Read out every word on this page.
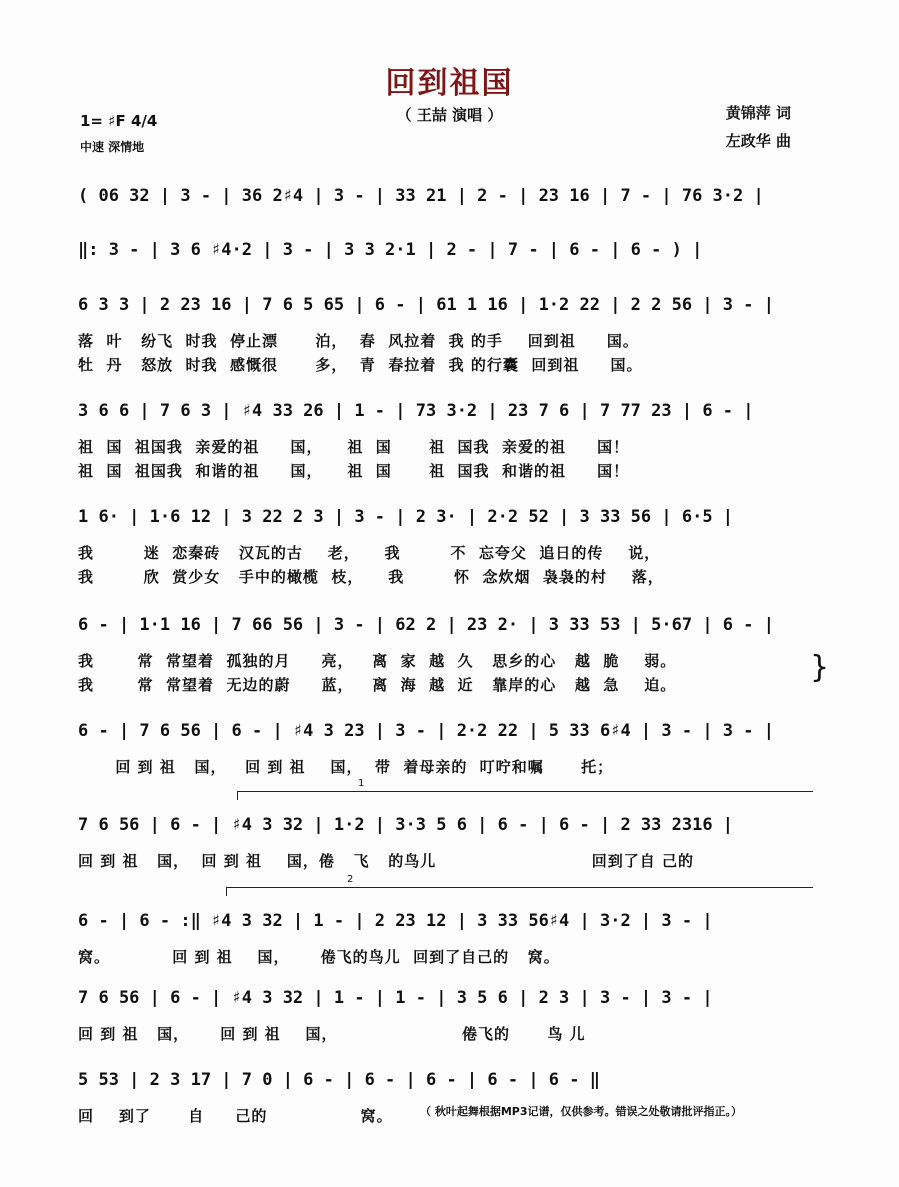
回到祖国
（ 王喆 演唱 ）
1= ♯F 4/4
中速 深情地
黄锦萍 词
左政华 曲
1
2
( 06 32 | 3 - | 36 2♯4 | 3 - | 33 21 | 2 - | 23 16 | 7 - | 76 3·2 |
‖: 3 - | 3 6 ♯4·2 | 3 - | 3 3 2·1 | 2 - | 7 - | 6 - | 6 - ) |
6 3 3 | 2 23 16 | 7 6 5 65 | 6 - | 61 1 16 | 1·2 22 | 2 2 56 | 3 - |
落  叶   纷飞  时我  停止漂      泊，  春  风拉着  我 的手    回到祖     国。
牡  丹   怒放  时我  感慨很      多，  青  春拉着  我 的行囊  回到祖     国。
3 6 6 | 7 6 3 | ♯4 33 26 | 1 - | 73 3·2 | 23 7 6 | 7 77 23 | 6 - |
祖  国  祖国我  亲爱的祖     国，    祖  国      祖  国我  亲爱的祖     国！
祖  国  祖国我  和谐的祖     国，    祖  国      祖  国我  和谐的祖     国！
1 6· | 1·6 12 | 3 22 2 3 | 3 - | 2 3· | 2·2 52 | 3 33 56 | 6·5 |
我        迷  恋秦砖   汉瓦的古    老，    我        不  忘夸父  追日的传    说，
我        欣  赏少女   手中的橄榄  枝，    我        怀  念炊烟  袅袅的村    落，
6 - | 1·1 16 | 7 66 56 | 3 - | 62 2 | 23 2· | 3 33 53 | 5·67 | 6 - |
我       常  常望着  孤独的月     亮，   离  家  越  久   思乡的心   越  脆    弱。
我       常  常望着  无边的蔚     蓝，   离  海  越  近   靠岸的心   越  急    迫。
6 - | 7 6 56 | 6 - | ♯4 3 23 | 3 - | 2·2 22 | 5 33 6♯4 | 3 - | 3 - |
回 到 祖   国，   回 到 祖    国，  带  着母亲的  叮咛和嘱      托；
7 6 56 | 6 - | ♯4 3 32 | 1·2 | 3·3 5 6 | 6 - | 6 - | 2 33 2316 |
回 到 祖   国，  回 到 祖    国，倦   飞   的鸟儿                         回到了自 己的
6 - | 6 - :‖ ♯4 3 32 | 1 - | 2 23 12 | 3 33 56♯4 | 3·2 | 3 - |
窝。          回 到 祖    国，     倦飞的鸟儿  回到了自己的   窝。
7 6 56 | 6 - | ♯4 3 32 | 1 - | 1 - | 3 5 6 | 2 3 | 3 - | 3 - |
回 到 祖   国，     回 到 祖    国，                    倦飞的      鸟 儿
5 53 | 2 3 17 | 7 0 | 6 - | 6 - | 6 - | 6 - | 6 - ‖
回    到了      自     己的               窝。
}
（ 秋叶起舞根据MP3记谱，仅供参考。错误之处敬请批评指正。）
